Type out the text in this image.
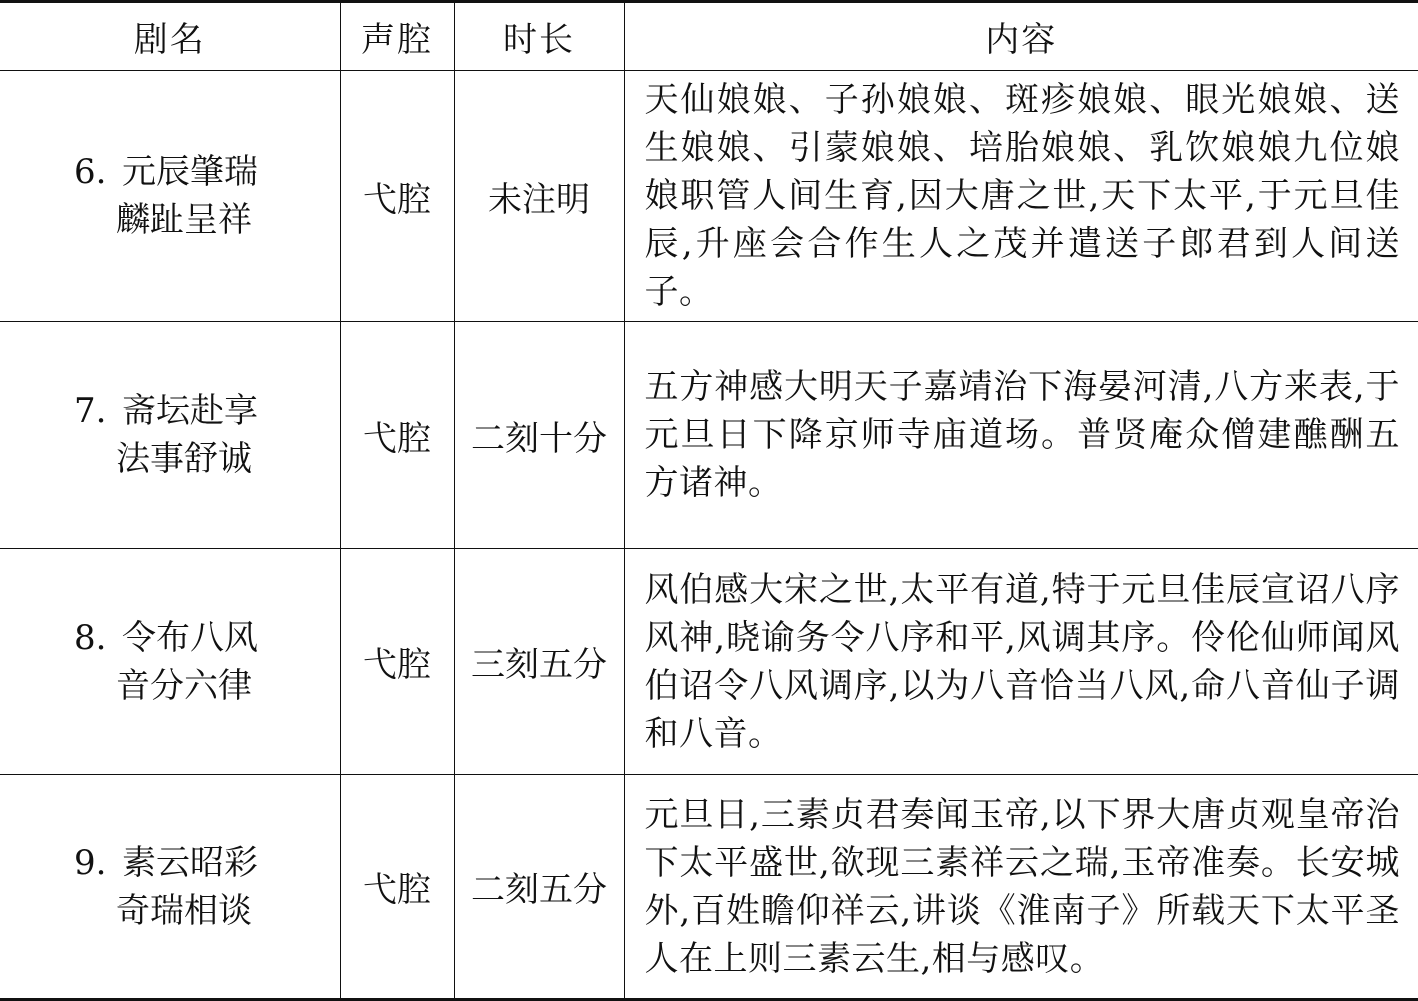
剧名	声腔	时长	内容

6. 元辰肇瑞
麟趾呈祥	弋腔	未注明	天仙娘娘、子孙娘娘、斑疹娘娘、眼光娘娘、送生娘娘、引蒙娘娘、培胎娘娘、乳饮娘娘九位娘娘职管人间生育,因大唐之世,天下太平,于元旦佳辰,升座会合作生人之茂并遣送子郎君到人间送子。

7. 斋坛赴享
法事舒诚	弋腔	二刻十分	五方神感大明天子嘉靖治下海晏河清,八方来表,于元旦日下降京师寺庙道场。普贤庵众僧建醮酬五方诸神。

8. 令布八风
音分六律	弋腔	三刻五分	风伯感大宋之世,太平有道,特于元旦佳辰宣诏八序风神,晓谕务令八序和平,风调其序。伶伦仙师闻风伯诏令八风调序,以为八音恰当八风,命八音仙子调和八音。

9. 素云昭彩
奇瑞相谈	弋腔	二刻五分	元旦日,三素贞君奏闻玉帝,以下界大唐贞观皇帝治下太平盛世,欲现三素祥云之瑞,玉帝准奏。长安城外,百姓瞻仰祥云,讲谈《淮南子》所载天下太平圣人在上则三素云生,相与感叹。
